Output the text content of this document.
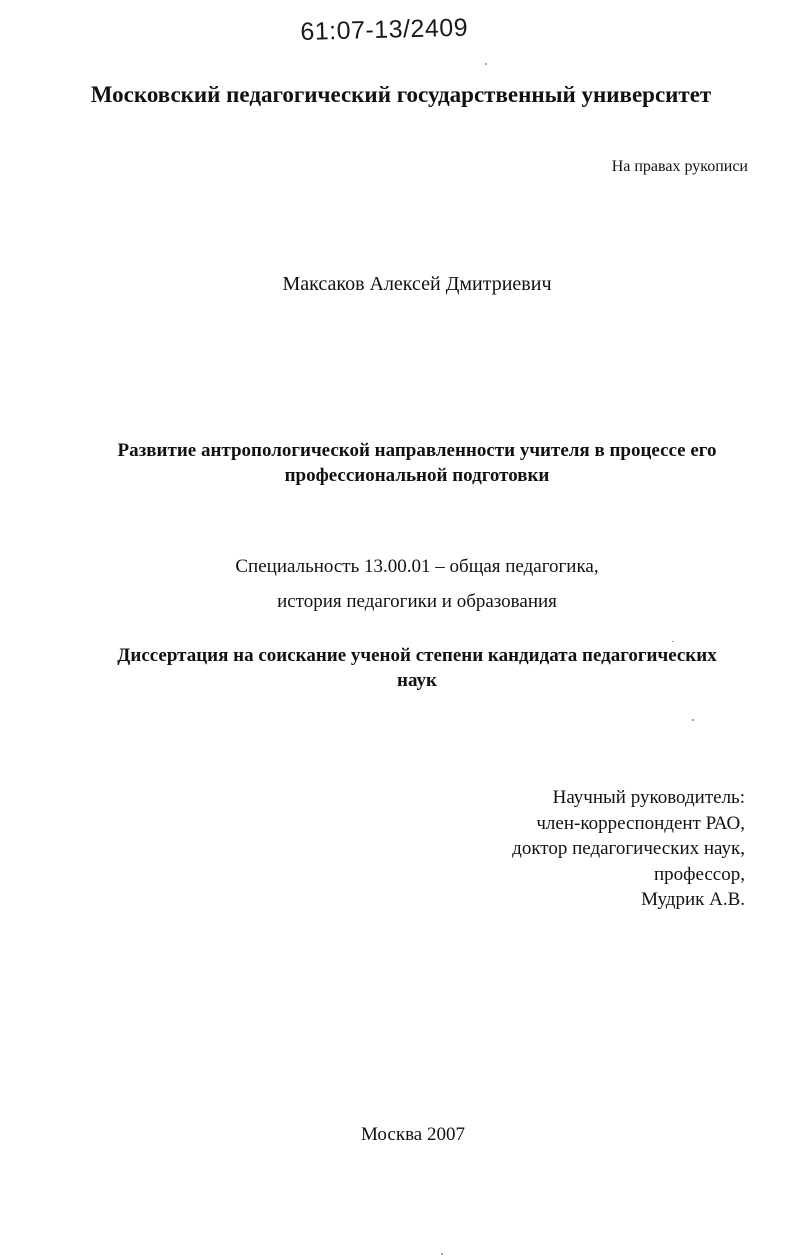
61:07-13/2409
Московский педагогический государственный университет
На правах рукописи
Максаков Алексей Дмитриевич
Развитие антропологической направленности учителя в процессе его профессиональной подготовки
Специальность 13.00.01 – общая педагогика,
история педагогики и образования
Диссертация на соискание ученой степени кандидата педагогических наук
Научный руководитель:
член-корреспондент РАО,
доктор педагогических наук,
профессор,
Мудрик А.В.
Москва 2007
